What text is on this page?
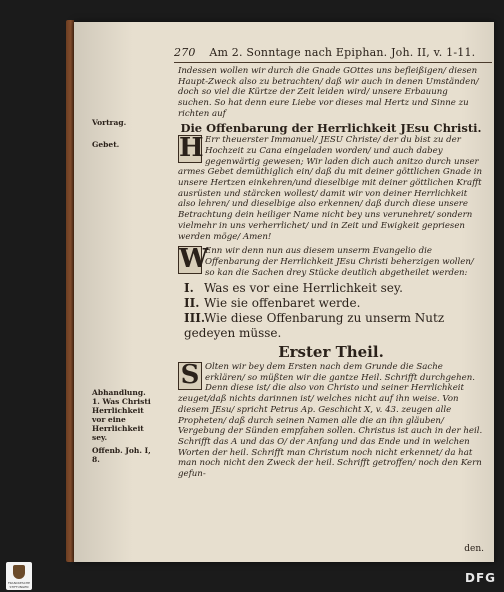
270 Am 2. Sonntage nach Epiphan. Joh. II, v. 1-11.
Vortrag.
Gebet.
Abhandlung. 1. Was Christi Herrlichkeit vor eine Herrlichkeit sey.
Offenb. Joh. I, 8.

Indessen wollen wir durch die Gnade GOttes uns befleißigen/ diesen Haupt-Zweck also zu betrachten/ daß wir auch in denen Umständen/ doch so viel die Kürtze der Zeit leiden wird/ unsere Erbauung suchen. So hat denn eure Liebe vor dieses mal Hertz und Sinne zu richten auf

Die Offenbarung der Herrlichkeit JEsu Christi.

H Err theuerster Immanuel/ JESU Christe/ der du bist zu der Hochzeit zu Cana eingeladen worden/ und auch dabey gegenwärtig gewesen; Wir laden dich auch anitzo durch unser armes Gebet demüthiglich ein/ daß du mit deiner göttlichen Gnade in unsere Hertzen einkehren/und dieselbige mit deiner göttlichen Krafft ausrüsten und stärcken wollest/ damit wir von deiner Herrlichkeit also lehren/ und dieselbige also erkennen/ daß durch diese unsere Betrachtung dein heiliger Name nicht bey uns verunehret/ sondern vielmehr in uns verherrlichet/ und in Zeit und Ewigkeit gepriesen werden möge/ Amen!

W
Enn wir denn nun aus diesem unserm Evangelio die Offenbarung der Herrlichkeit JEsu Christi beherzigen wollen/ so kan die Sachen drey Stücke deutlich abgetheilet werden:

I. Was es vor eine Herrlichkeit sey.
II. Wie sie offenbaret werde.
III.Wie diese Offenbarung zu unserm Nutz gedeyen müsse.
Erster Theil.

S Olten wir bey dem Ersten nach dem Grunde die Sache erklären/ so müßten wir die gantze Heil. Schrifft durchgehen. Denn diese ist/ die also von Christo und seiner Herrlichkeit zeuget/daß nichts darinnen ist/ welches nicht auf ihn weise. Von diesem JEsu/ spricht Petrus Ap. Geschicht X, v. 43. zeugen alle Propheten/ daß durch seinen Namen alle die an ihn gläuben/ Vergebung der Sünden empfahen sollen. Christus ist auch in der heil. Schrifft das A und das O/ der Anfang und das Ende und in welchen Worten der heil. Schrifft man Christum noch nicht erkennet/ da hat man noch nicht den Zweck der heil. Schrifft getroffen/ noch den Kern gefun-

den.
FRANCKESCHE STIFTUNGEN
DFG
